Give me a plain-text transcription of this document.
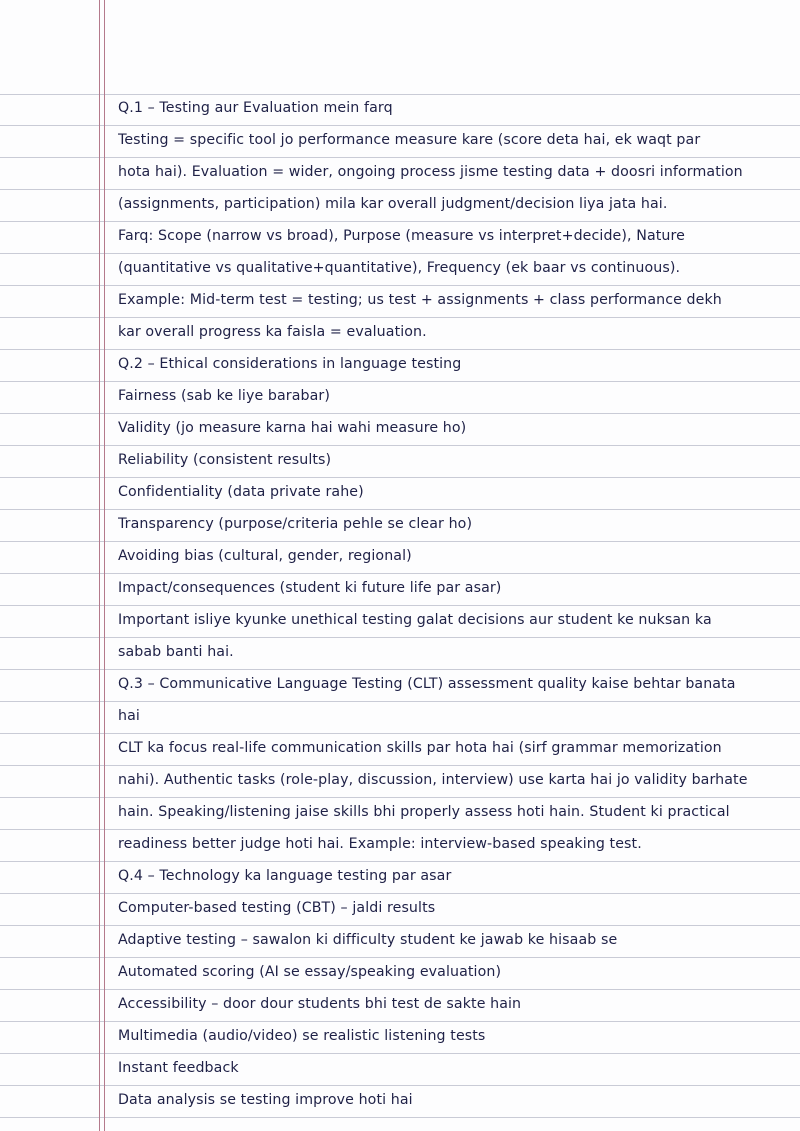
Q.1 – Testing aur Evaluation mein farq
Testing = specific tool jo performance measure kare (score deta hai, ek waqt par
hota hai). Evaluation = wider, ongoing process jisme testing data + doosri information
(assignments, participation) mila kar overall judgment/decision liya jata hai.
Farq: Scope (narrow vs broad), Purpose (measure vs interpret+decide), Nature
(quantitative vs qualitative+quantitative), Frequency (ek baar vs continuous).
Example: Mid-term test = testing; us test + assignments + class performance dekh
kar overall progress ka faisla = evaluation.
Q.2 – Ethical considerations in language testing
Fairness (sab ke liye barabar)
Validity (jo measure karna hai wahi measure ho)
Reliability (consistent results)
Confidentiality (data private rahe)
Transparency (purpose/criteria pehle se clear ho)
Avoiding bias (cultural, gender, regional)
Impact/consequences (student ki future life par asar)
Important isliye kyunke unethical testing galat decisions aur student ke nuksan ka
sabab banti hai.
Q.3 – Communicative Language Testing (CLT) assessment quality kaise behtar banata
hai
CLT ka focus real-life communication skills par hota hai (sirf grammar memorization
nahi). Authentic tasks (role-play, discussion, interview) use karta hai jo validity barhate
hain. Speaking/listening jaise skills bhi properly assess hoti hain. Student ki practical
readiness better judge hoti hai. Example: interview-based speaking test.
Q.4 – Technology ka language testing par asar
Computer-based testing (CBT) – jaldi results
Adaptive testing – sawalon ki difficulty student ke jawab ke hisaab se
Automated scoring (AI se essay/speaking evaluation)
Accessibility – door dour students bhi test de sakte hain
Multimedia (audio/video) se realistic listening tests
Instant feedback
Data analysis se testing improve hoti hai
